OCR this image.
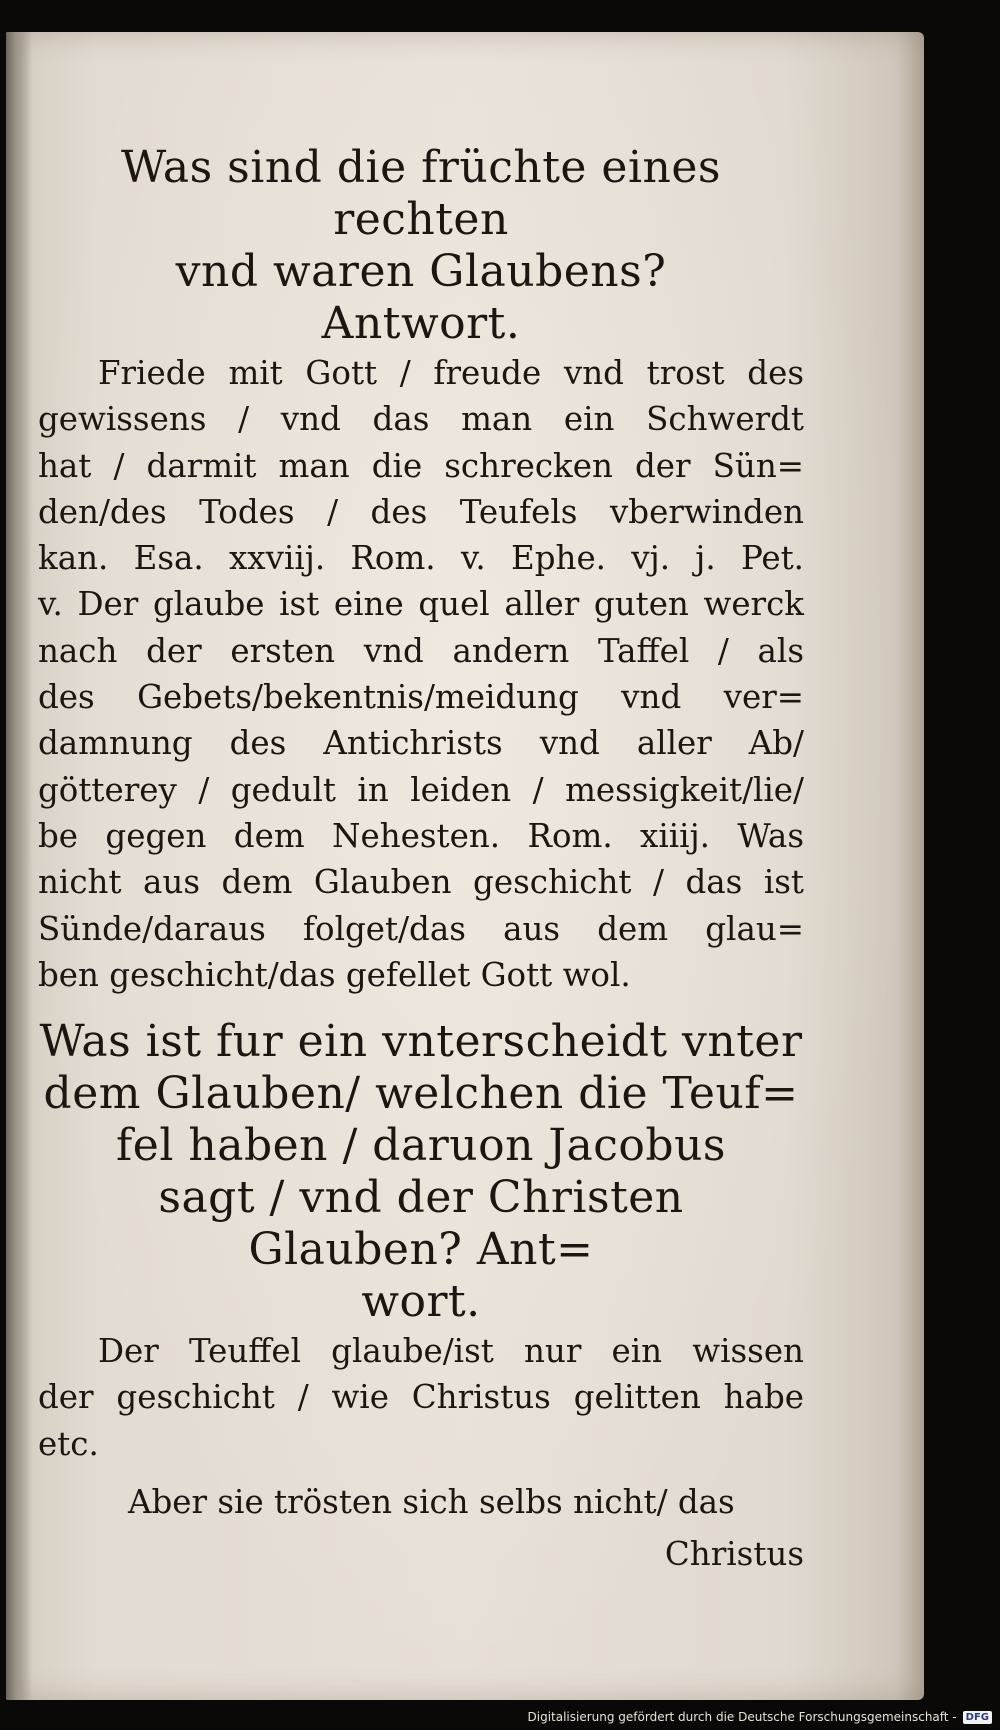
Was sind die früchte eines rechten
vnd waren Glaubens?
Antwort.
Friede mit Gott / freude vnd trost des
gewissens / vnd das man ein Schwerdt
hat / darmit man die schrecken der Sün=
den/des Todes / des Teufels vberwinden
kan. Esa. xxviij. Rom. v. Ephe. vj. j. Pet.
v. Der glaube ist eine quel aller guten werck
nach der ersten vnd andern Taffel / als
des Gebets/bekentnis/meidung vnd ver=
damnung des Antichrists vnd aller Ab/
götterey / gedult in leiden / messigkeit/lie/
be gegen dem Nehesten. Rom. xiiij. Was
nicht aus dem Glauben geschicht / das ist
Sünde/daraus folget/das aus dem glau=
ben geschicht/das gefellet Gott wol.
Was ist fur ein vnterscheidt vnter
dem Glauben/ welchen die Teuf=
fel haben / daruon Jacobus
sagt / vnd der Christen
Glauben? Ant=
wort.
Der Teuffel glaube/ist nur ein wissen
der geschicht / wie Christus gelitten habe
etc.
Aber sie trösten sich selbs nicht/ das
Christus
Digitalisierung gefördert durch die Deutsche Forschungsgemeinschaft - DFG
